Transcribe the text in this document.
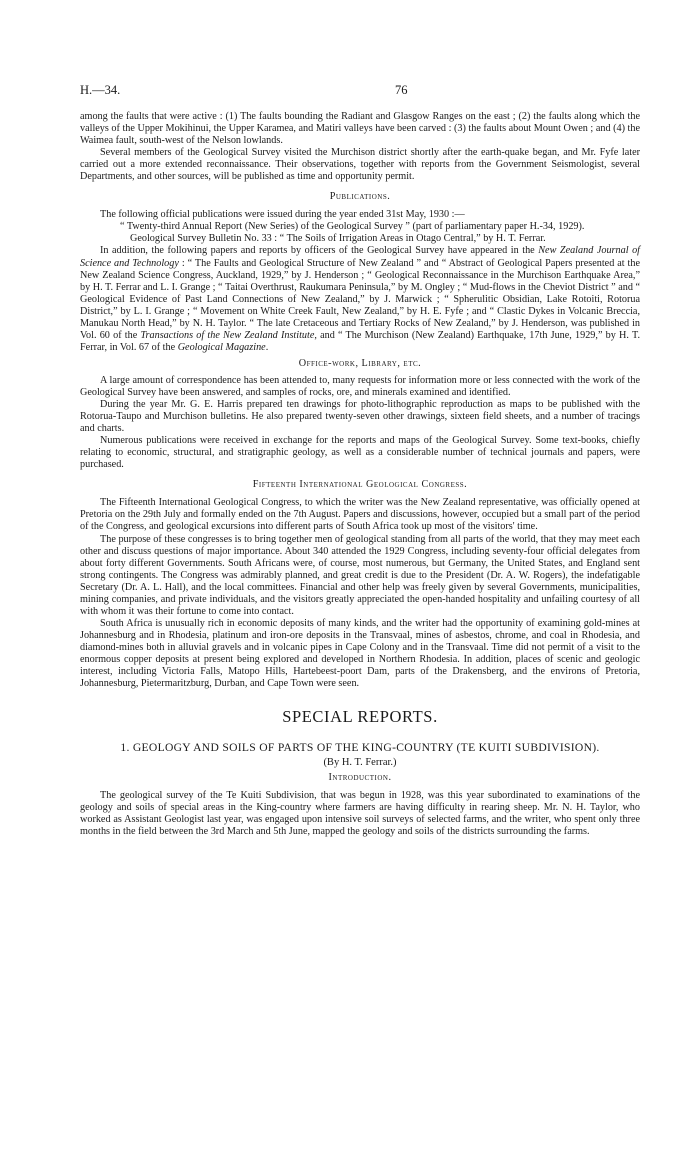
H.—34.	76

among the faults that were active : (1) The faults bounding the Radiant and Glasgow Ranges on the east ; (2) the faults along which the valleys of the Upper Mokihinui, the Upper Karamea, and Matiri valleys have been carved : (3) the faults about Mount Owen ; and (4) the Waimea fault, south-west of the Nelson lowlands.

Several members of the Geological Survey visited the Murchison district shortly after the earth-quake began, and Mr. Fyfe later carried out a more extended reconnaissance. Their observations, together with reports from the Government Seismologist, several Departments, and other sources, will be published as time and opportunity permit.

Publications.

The following official publications were issued during the year ended 31st May, 1930 :—

“ Twenty-third Annual Report (New Series) of the Geological Survey ” (part of parliamentary paper H.-34, 1929).

Geological Survey Bulletin No. 33 : “ The Soils of Irrigation Areas in Otago Central,” by H. T. Ferrar.

In addition, the following papers and reports by officers of the Geological Survey have appeared in the New Zealand Journal of Science and Technology : “ The Faults and Geological Structure of New Zealand ” and “ Abstract of Geological Papers presented at the New Zealand Science Congress, Auckland, 1929,” by J. Henderson ; “ Geological Reconnaissance in the Murchison Earthquake Area,” by H. T. Ferrar and L. I. Grange ; “ Taitai Overthrust, Raukumara Peninsula,” by M. Ongley ; “ Mud-flows in the Cheviot District ” and “ Geological Evidence of Past Land Connections of New Zealand,” by J. Marwick ; “ Spherulitic Obsidian, Lake Rotoiti, Rotorua District,” by L. I. Grange ; “ Movement on White Creek Fault, New Zealand,” by H. E. Fyfe ; and “ Clastic Dykes in Volcanic Breccia, Manukau North Head,” by N. H. Taylor. “ The late Cretaceous and Tertiary Rocks of New Zealand,” by J. Henderson, was published in Vol. 60 of the Transactions of the New Zealand Institute, and “ The Murchison (New Zealand) Earthquake, 17th June, 1929,” by H. T. Ferrar, in Vol. 67 of the Geological Magazine.

Office-work, Library, etc.

A large amount of correspondence has been attended to, many requests for information more or less connected with the work of the Geological Survey have been answered, and samples of rocks, ore, and minerals examined and identified.

During the year Mr. G. E. Harris prepared ten drawings for photo-lithographic reproduction as maps to be published with the Rotorua-Taupo and Murchison bulletins. He also prepared twenty-seven other drawings, sixteen field sheets, and a number of tracings and charts.

Numerous publications were received in exchange for the reports and maps of the Geological Survey. Some text-books, chiefly relating to economic, structural, and stratigraphic geology, as well as a considerable number of technical journals and papers, were purchased.

Fifteenth International Geological Congress.

The Fifteenth International Geological Congress, to which the writer was the New Zealand representative, was officially opened at Pretoria on the 29th July and formally ended on the 7th August. Papers and discussions, however, occupied but a small part of the period of the Congress, and geological excursions into different parts of South Africa took up most of the visitors' time.

The purpose of these congresses is to bring together men of geological standing from all parts of the world, that they may meet each other and discuss questions of major importance. About 340 attended the 1929 Congress, including seventy-four official delegates from about forty different Governments. South Africans were, of course, most numerous, but Germany, the United States, and England sent strong contingents. The Congress was admirably planned, and great credit is due to the President (Dr. A. W. Rogers), the indefatigable Secretary (Dr. A. L. Hall), and the local committees. Financial and other help was freely given by several Governments, municipalities, mining companies, and private individuals, and the visitors greatly appreciated the open-handed hospitality and unfailing courtesy of all with whom it was their fortune to come into contact.

South Africa is unusually rich in economic deposits of many kinds, and the writer had the opportunity of examining gold-mines at Johannesburg and in Rhodesia, platinum and iron-ore deposits in the Transvaal, mines of asbestos, chrome, and coal in Rhodesia, and diamond-mines both in alluvial gravels and in volcanic pipes in Cape Colony and in the Transvaal. Time did not permit of a visit to the enormous copper deposits at present being explored and developed in Northern Rhodesia. In addition, places of scenic and geologic interest, including Victoria Falls, Matopo Hills, Hartebeest-poort Dam, parts of the Drakensberg, and the environs of Pretoria, Johannesburg, Pietermaritzburg, Durban, and Cape Town were seen.

SPECIAL REPORTS.
1. GEOLOGY AND SOILS OF PARTS OF THE KING-COUNTRY (TE KUITI SUBDIVISION).
(By H. T. Ferrar.)
Introduction.

The geological survey of the Te Kuiti Subdivision, that was begun in 1928, was this year subordinated to examinations of the geology and soils of special areas in the King-country where farmers are having difficulty in rearing sheep. Mr. N. H. Taylor, who worked as Assistant Geologist last year, was engaged upon intensive soil surveys of selected farms, and the writer, who spent only three months in the field between the 3rd March and 5th June, mapped the geology and soils of the districts surrounding the farms.
